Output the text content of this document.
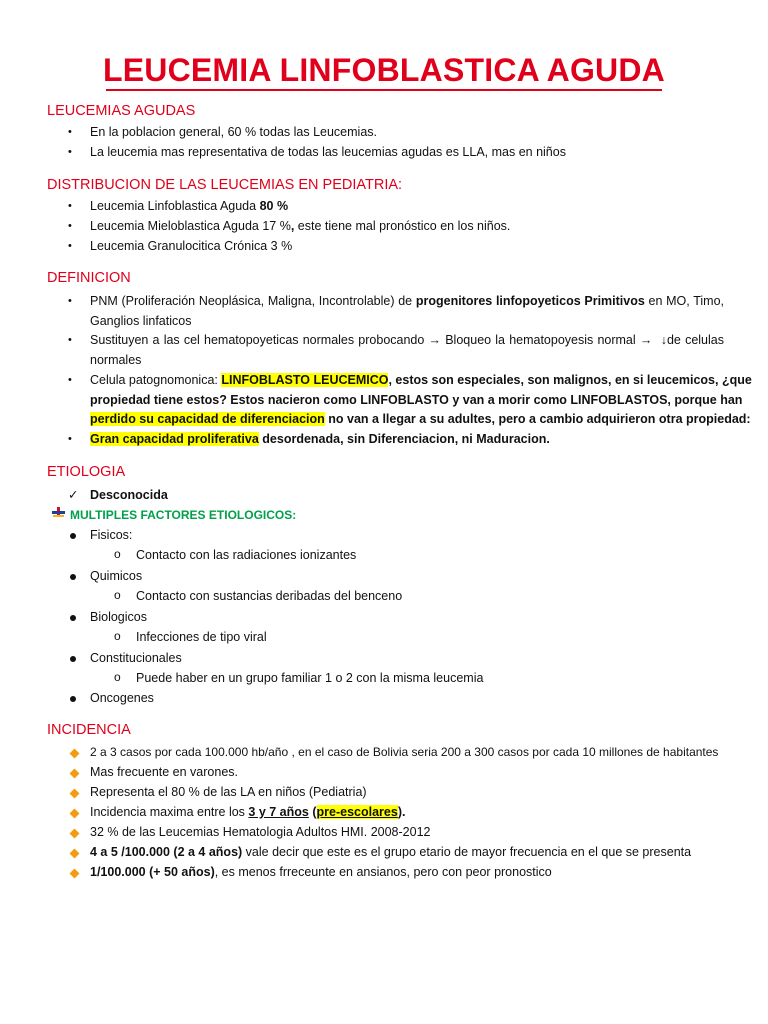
LEUCEMIA LINFOBLASTICA AGUDA
LEUCEMIAS AGUDAS
• En la poblacion general, 60 % todas las Leucemias.
• La leucemia mas representativa de todas las leucemias agudas es LLA, mas en niños
DISTRIBUCION DE LAS LEUCEMIAS EN PEDIATRIA:
• Leucemia Linfoblastica Aguda 80 %
• Leucemia Mieloblastica Aguda 17 %, este tiene mal pronóstico en los niños.
• Leucemia Granulocitica Crónica 3 %
DEFINICION
• PNM (Proliferación Neoplásica, Maligna, Incontrolable) de progenitores linfopoyeticos Primitivos en MO, Timo,
Ganglios linfaticos
• Sustituyen a las cel hematopoyeticas normales probocando → Bloqueo la hematopoyesis normal → ↓de celulas
normales
• Celula patognomonica: LINFOBLASTO LEUCEMICO, estos son especiales, son malignos, en si leucemicos, ¿que
propiedad tiene estos? Estos nacieron como LINFOBLASTO y van a morir como LINFOBLASTOS, porque han
perdido su capacidad de diferenciacion no van a llegar a su adultes, pero a cambio adquirieron otra propiedad:
• Gran capacidad proliferativa desordenada, sin Diferenciacion, ni Maduracion.
ETIOLOGIA
✓ Desconocida
MULTIPLES FACTORES ETIOLOGICOS:
Fisicos:
o Contacto con las radiaciones ionizantes
Quimicos
o Contacto con sustancias deribadas del benceno
Biologicos
o Infecciones de tipo viral
Constitucionales
o Puede haber en un grupo familiar 1 o 2 con la misma leucemia
Oncogenes
INCIDENCIA
2 a 3 casos por cada 100.000 hb/año , en el caso de Bolivia seria 200 a 300 casos por cada 10 millones de habitantes
Mas frecuente en varones.
Representa el 80 % de las LA en niños (Pediatria)
Incidencia maxima entre los 3 y 7 años (pre-escolares).
32 % de las Leucemias Hematologia Adultos HMI. 2008-2012
4 a 5 /100.000 (2 a 4 años) vale decir que este es el grupo etario de mayor frecuencia en el que se presenta
1/100.000 (+ 50 años), es menos frreceunte en ansianos, pero con peor pronostico
